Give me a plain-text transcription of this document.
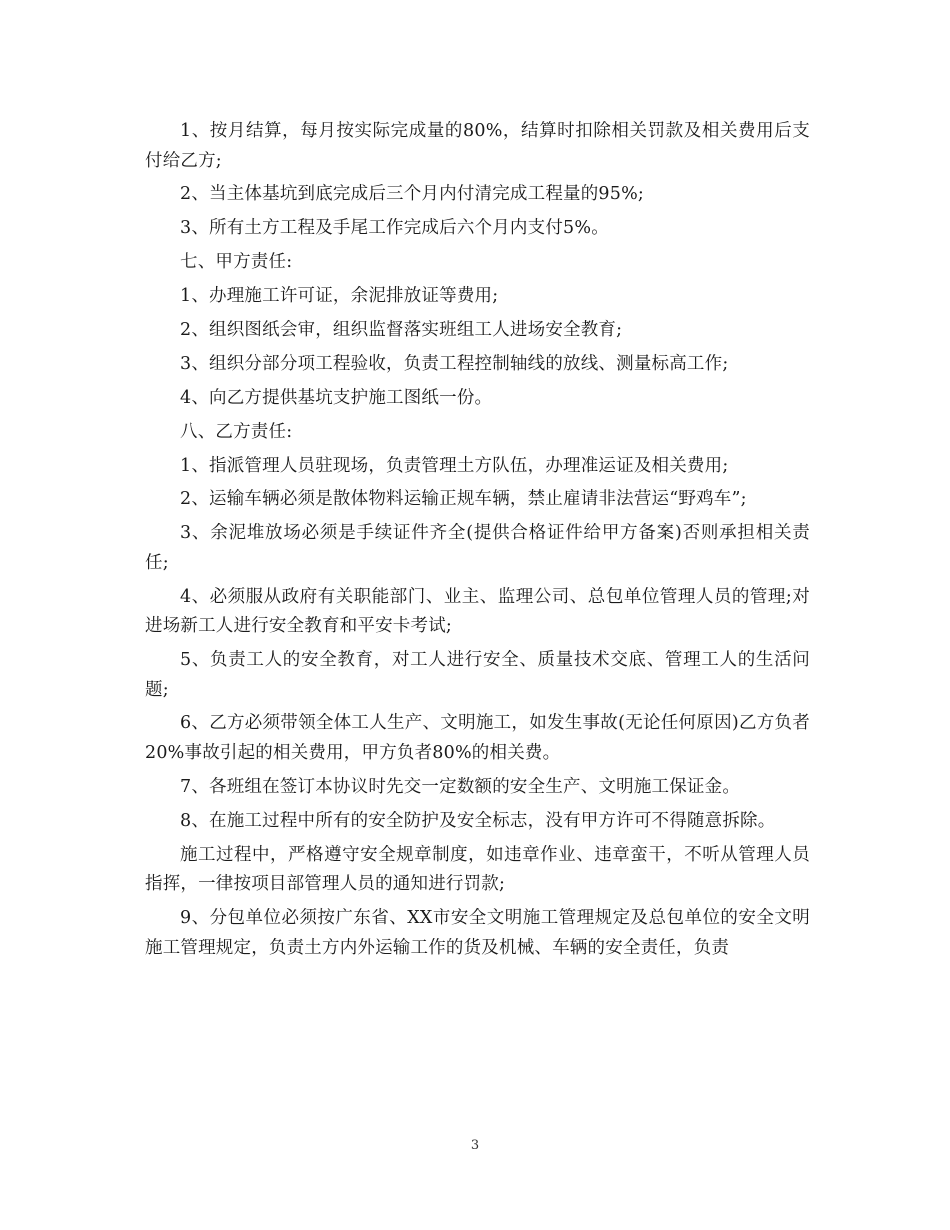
1、按月结算，每月按实际完成量的80%，结算时扣除相关罚款及相关费用后支付给乙方;

2、当主体基坑到底完成后三个月内付清完成工程量的95%;

3、所有土方工程及手尾工作完成后六个月内支付5%。

七、甲方责任:

1、办理施工许可证，余泥排放证等费用;

2、组织图纸会审，组织监督落实班组工人进场安全教育;

3、组织分部分项工程验收，负责工程控制轴线的放线、测量标高工作;

4、向乙方提供基坑支护施工图纸一份。

八、乙方责任:

1、指派管理人员驻现场，负责管理土方队伍，办理准运证及相关费用;

2、运输车辆必须是散体物料运输正规车辆，禁止雇请非法营运“野鸡车”;

3、余泥堆放场必须是手续证件齐全(提供合格证件给甲方备案)否则承担相关责任;

4、必须服从政府有关职能部门、业主、监理公司、总包单位管理人员的管理;对进场新工人进行安全教育和平安卡考试;

5、负责工人的安全教育，对工人进行安全、质量技术交底、管理工人的生活问题;

6、乙方必须带领全体工人生产、文明施工，如发生事故(无论任何原因)乙方负者20%事故引起的相关费用，甲方负者80%的相关费。

7、各班组在签订本协议时先交一定数额的安全生产、文明施工保证金。

8、在施工过程中所有的安全防护及安全标志，没有甲方许可不得随意拆除。

施工过程中，严格遵守安全规章制度，如违章作业、违章蛮干，不听从管理人员指挥，一律按项目部管理人员的通知进行罚款;

9、分包单位必须按广东省、XX市安全文明施工管理规定及总包单位的安全文明施工管理规定，负责土方内外运输工作的货及机械、车辆的安全责任，负责

3
